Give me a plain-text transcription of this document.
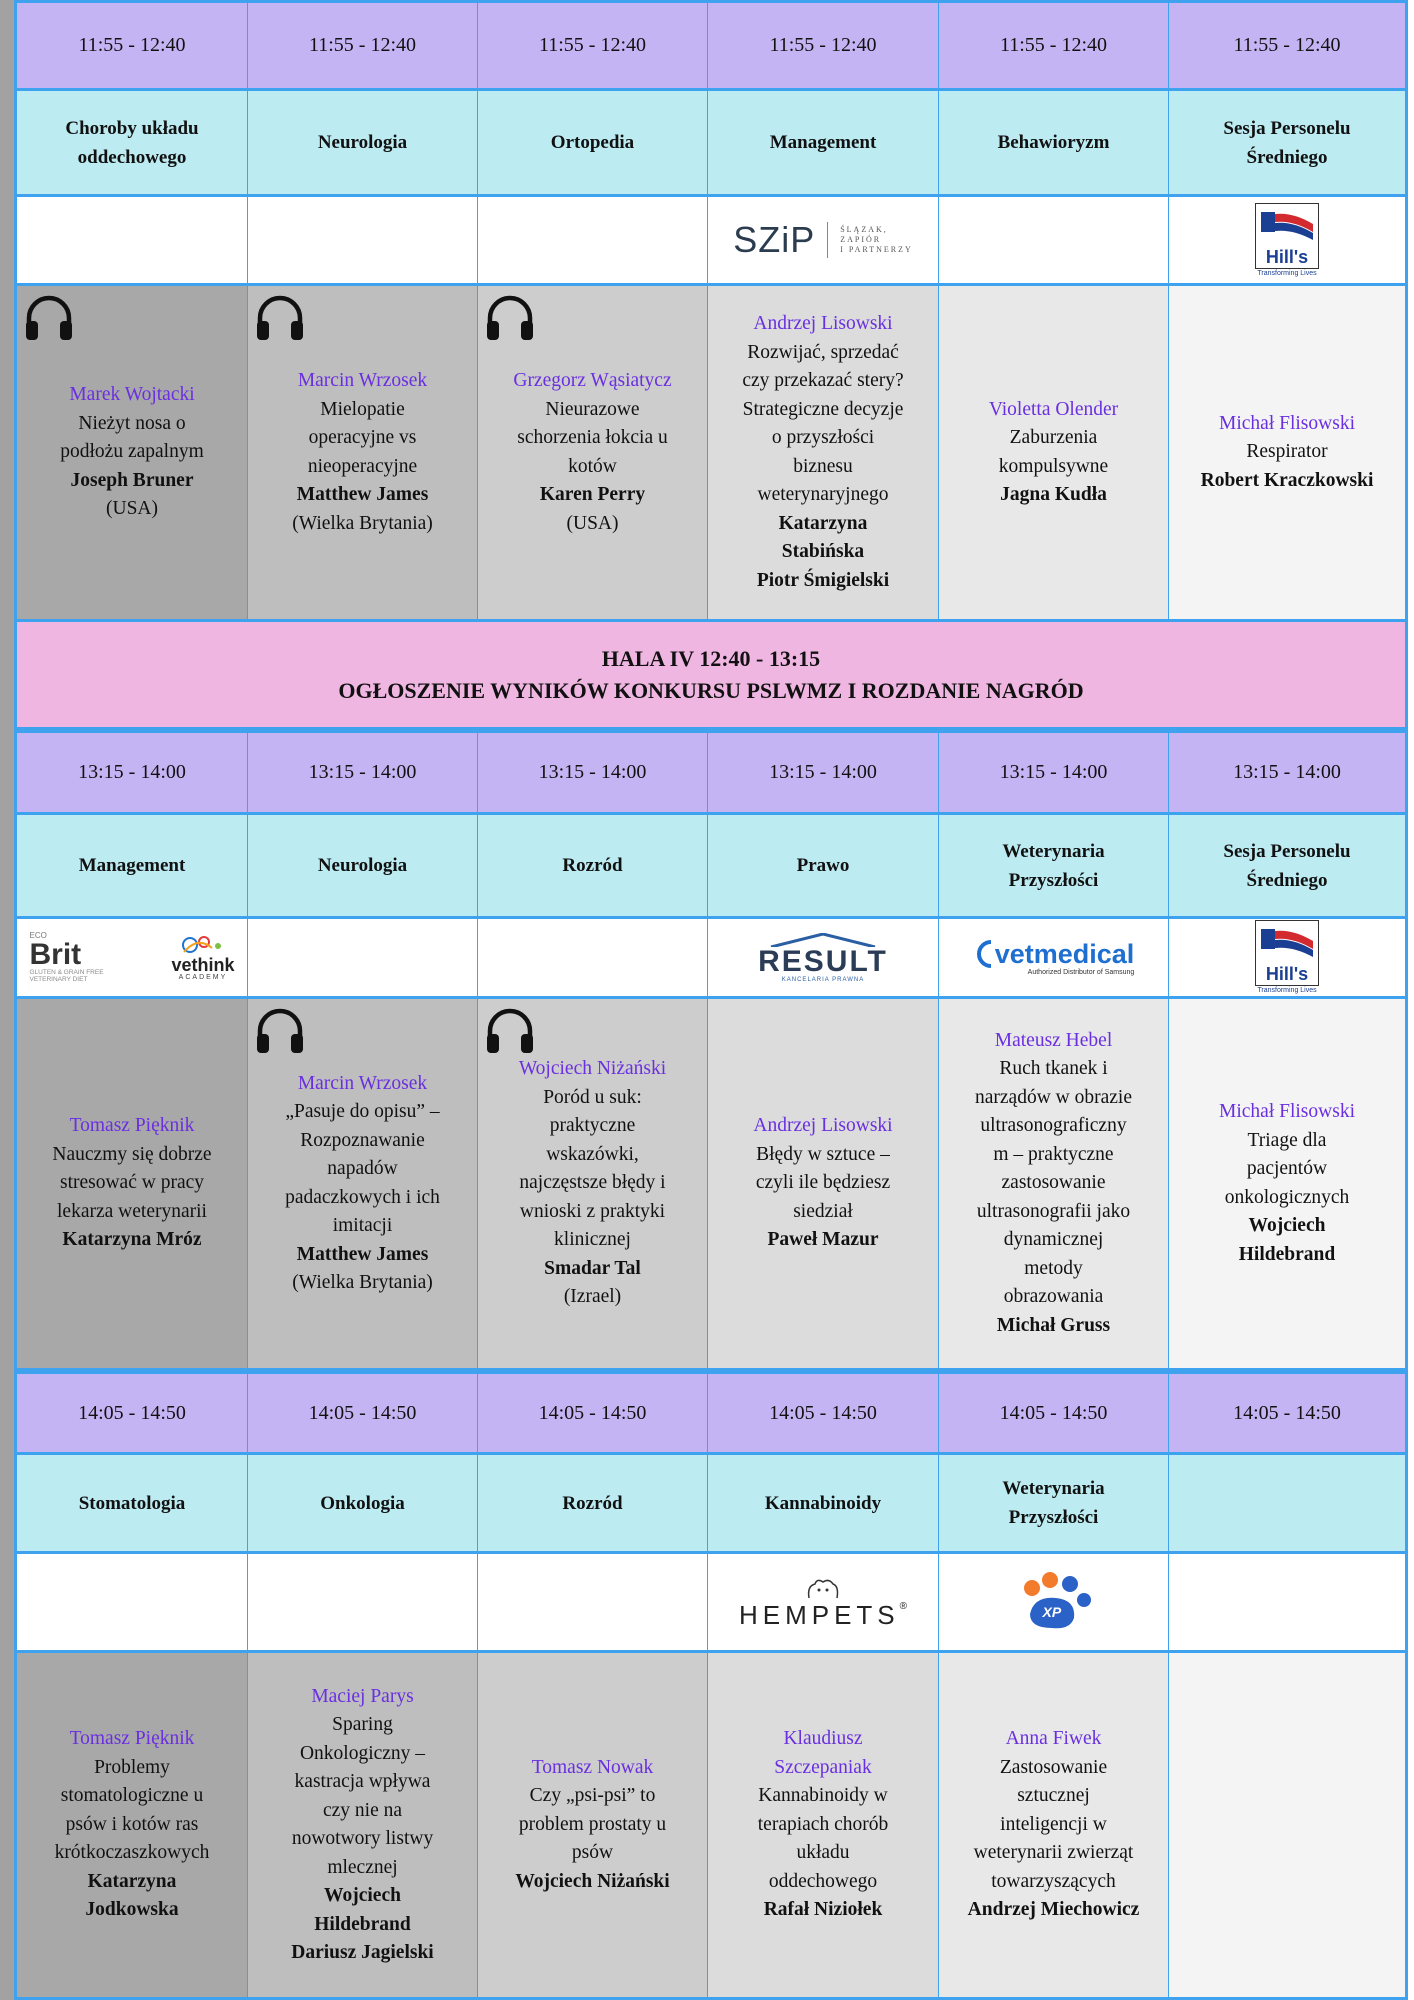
HALA IV 12:40 - 13:15
OGŁOSZENIE WYNIKÓW KONKURSU PSLWMZ I ROZDANIE NAGRÓD
11:55 - 12:40
Choroby układu
oddechowego
Marek Wojtacki
Nieżyt nosa o
podłożu zapalnym
Joseph Bruner
(USA)
11:55 - 12:40
Neurologia
Marcin Wrzosek
Mielopatie
operacyjne vs
nieoperacyjne
Matthew James
(Wielka Brytania)
11:55 - 12:40
Ortopedia
Grzegorz Wąsiatycz
Nieurazowe
schorzenia łokcia u
kotów
Karen Perry
(USA)
11:55 - 12:40
Management
SZiP	ŚLĄZAK,
ZAPIÓR
I PARTNERZY
Andrzej Lisowski
Rozwijać, sprzedać
czy przekazać stery?
Strategiczne decyzje
o przyszłości
biznesu
weterynaryjnego
Katarzyna
Stabińska
Piotr Śmigielski
11:55 - 12:40
Behawioryzm
Violetta Olender
Zaburzenia
kompulsywne
Jagna Kudła
11:55 - 12:40
Sesja Personelu
Średniego
Hill's
Transforming Lives
Michał Flisowski
Respirator
Robert Kraczkowski
13:15 - 14:00
Management
ECO
Brit
GLUTEN & GRAIN FREE
VETERINARY DIET
vethink
ACADEMY
Tomasz Pięknik
Nauczmy się dobrze
stresować w pracy
lekarza weterynarii
Katarzyna Mróz
13:15 - 14:00
Neurologia
Marcin Wrzosek
„Pasuje do opisu” –
Rozpoznawanie
napadów
padaczkowych i ich
imitacji
Matthew James
(Wielka Brytania)
13:15 - 14:00
Rozród
Wojciech Niżański
Poród u suk:
praktyczne
wskazówki,
najczęstsze błędy i
wnioski z praktyki
klinicznej
Smadar Tal
(Izrael)
13:15 - 14:00
Prawo
RESULT
KANCELARIA PRAWNA
Andrzej Lisowski
Błędy w sztuce –
czyli ile będziesz
siedział
Paweł Mazur
13:15 - 14:00
Weterynaria
Przyszłości
vetmedical
Authorized Distributor of Samsung
Mateusz Hebel
Ruch tkanek i
narządów w obrazie
ultrasonograficzny
m – praktyczne
zastosowanie
ultrasonografii jako
dynamicznej
metody
obrazowania
Michał Gruss
13:15 - 14:00
Sesja Personelu
Średniego
Hill's
Transforming Lives
Michał Flisowski
Triage dla
pacjentów
onkologicznych
Wojciech
Hildebrand
14:05 - 14:50
Stomatologia
Tomasz Pięknik
Problemy
stomatologiczne u
psów i kotów ras
krótkoczaszkowych
Katarzyna
Jodkowska
14:05 - 14:50
Onkologia
Maciej Parys
Sparing
Onkologiczny –
kastracja wpływa
czy nie na
nowotwory listwy
mlecznej
Wojciech
Hildebrand
Dariusz Jagielski
14:05 - 14:50
Rozród
Tomasz Nowak
Czy „psi-psi” to
problem prostaty u
psów
Wojciech Niżański
14:05 - 14:50
Kannabinoidy
HEMPETS ®
Klaudiusz
Szczepaniak
Kannabinoidy w
terapiach chorób
układu
oddechowego
Rafał Niziołek
14:05 - 14:50
Weterynaria
Przyszłości
XP
Anna Fiwek
Zastosowanie
sztucznej
inteligencji w
weterynarii zwierząt
towarzyszących
Andrzej Miechowicz
14:05 - 14:50
